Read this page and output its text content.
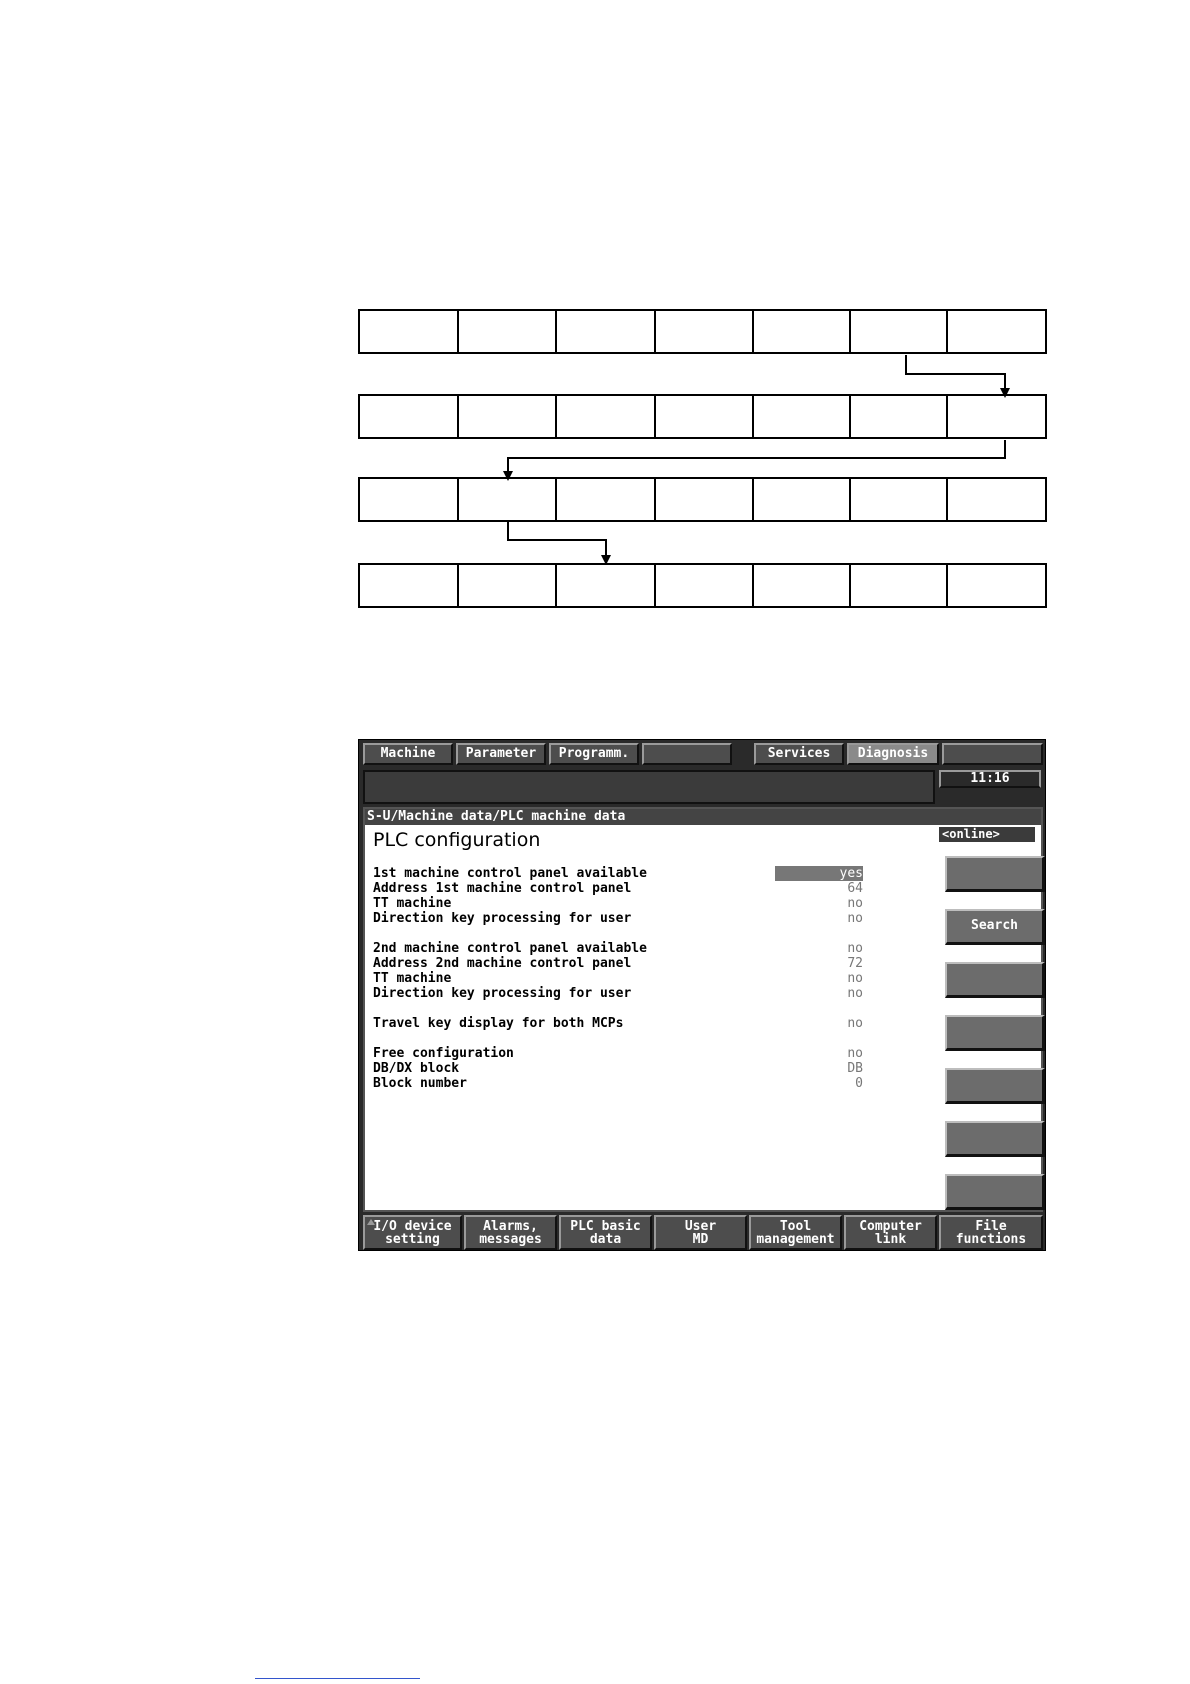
Machine	Parameter	Programm.	Services	Diagnosis
11:16
S-U/Machine data/PLC machine data
PLC configuration	<online>
1st machine control panel available	yes
Address 1st machine control panel	64
TT machine	no
Direction key processing for user	no
2nd machine control panel available	no
Address 2nd machine control panel	72
TT machine	no
Direction key processing for user	no
Travel key display for both MCPs	no
Free configuration	no
DB/DX block	DB
Block number	0
Search
I/O device
setting
Alarms,
messages
PLC basic
data
User
MD
Tool
management
Computer
link
File
functions
